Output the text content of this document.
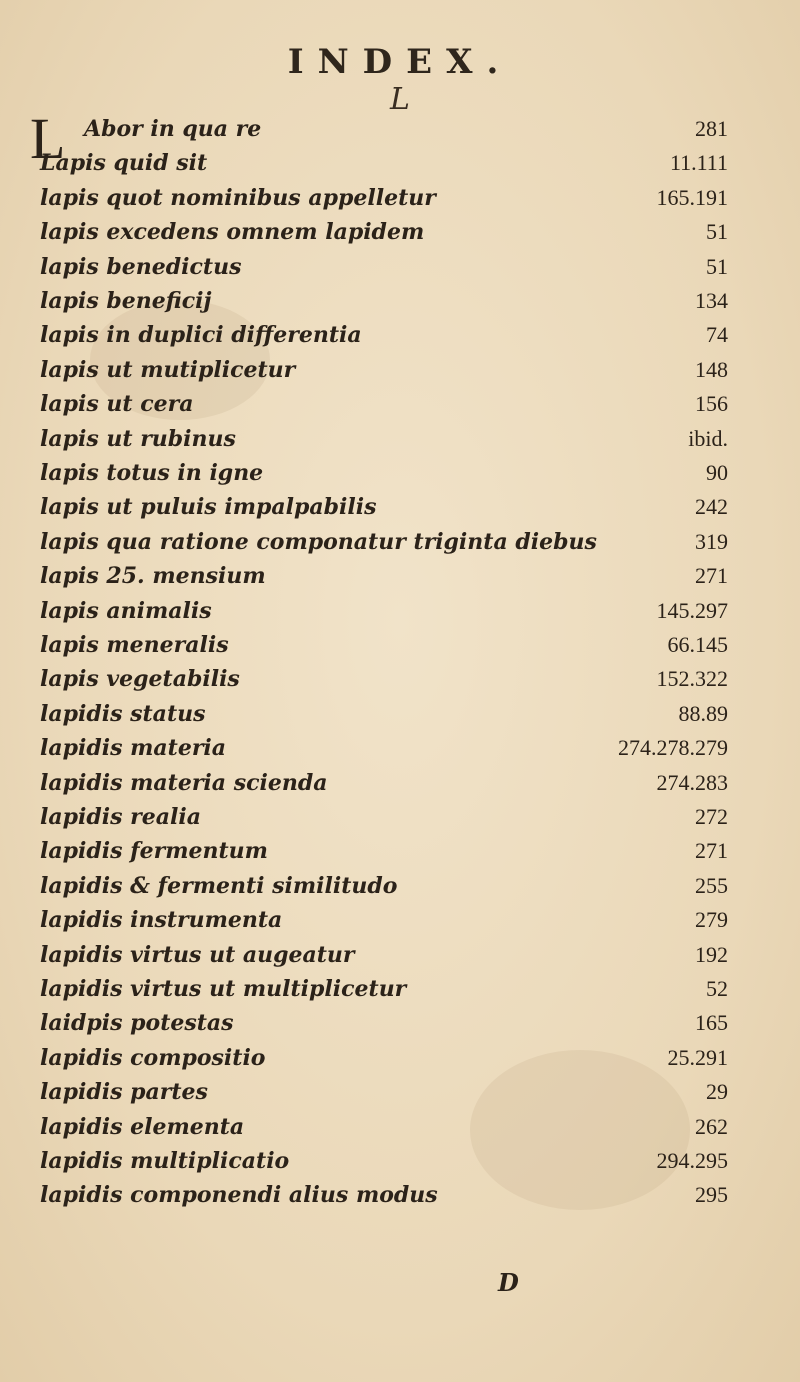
INDEX.
L
L Abor in qua re	281
Lapis quid sit	11.111
lapis quot nominibus appelletur	165.191
lapis excedens omnem lapidem	51
lapis benedictus	51
lapis beneficij	134
lapis in duplici differentia	74
lapis ut mutiplicetur	148
lapis ut cera	156
lapis ut rubinus	ibid.
lapis totus in igne	90
lapis ut puluis impalpabilis	242
lapis qua ratione componatur triginta diebus	319
lapis 25. mensium	271
lapis animalis	145.297
lapis meneralis	66.145
lapis vegetabilis	152.322
lapidis status	88.89
lapidis materia	274.278.279
lapidis materia scienda	274.283
lapidis realia	272
lapidis fermentum	271
lapidis & fermenti similitudo	255
lapidis instrumenta	279
lapidis virtus ut augeatur	192
lapidis virtus ut multiplicetur	52
laidpis potestas	165
lapidis compositio	25.291
lapidis partes	29
lapidis elementa	262
lapidis multiplicatio	294.295
lapidis componendi alius modus	295
D
